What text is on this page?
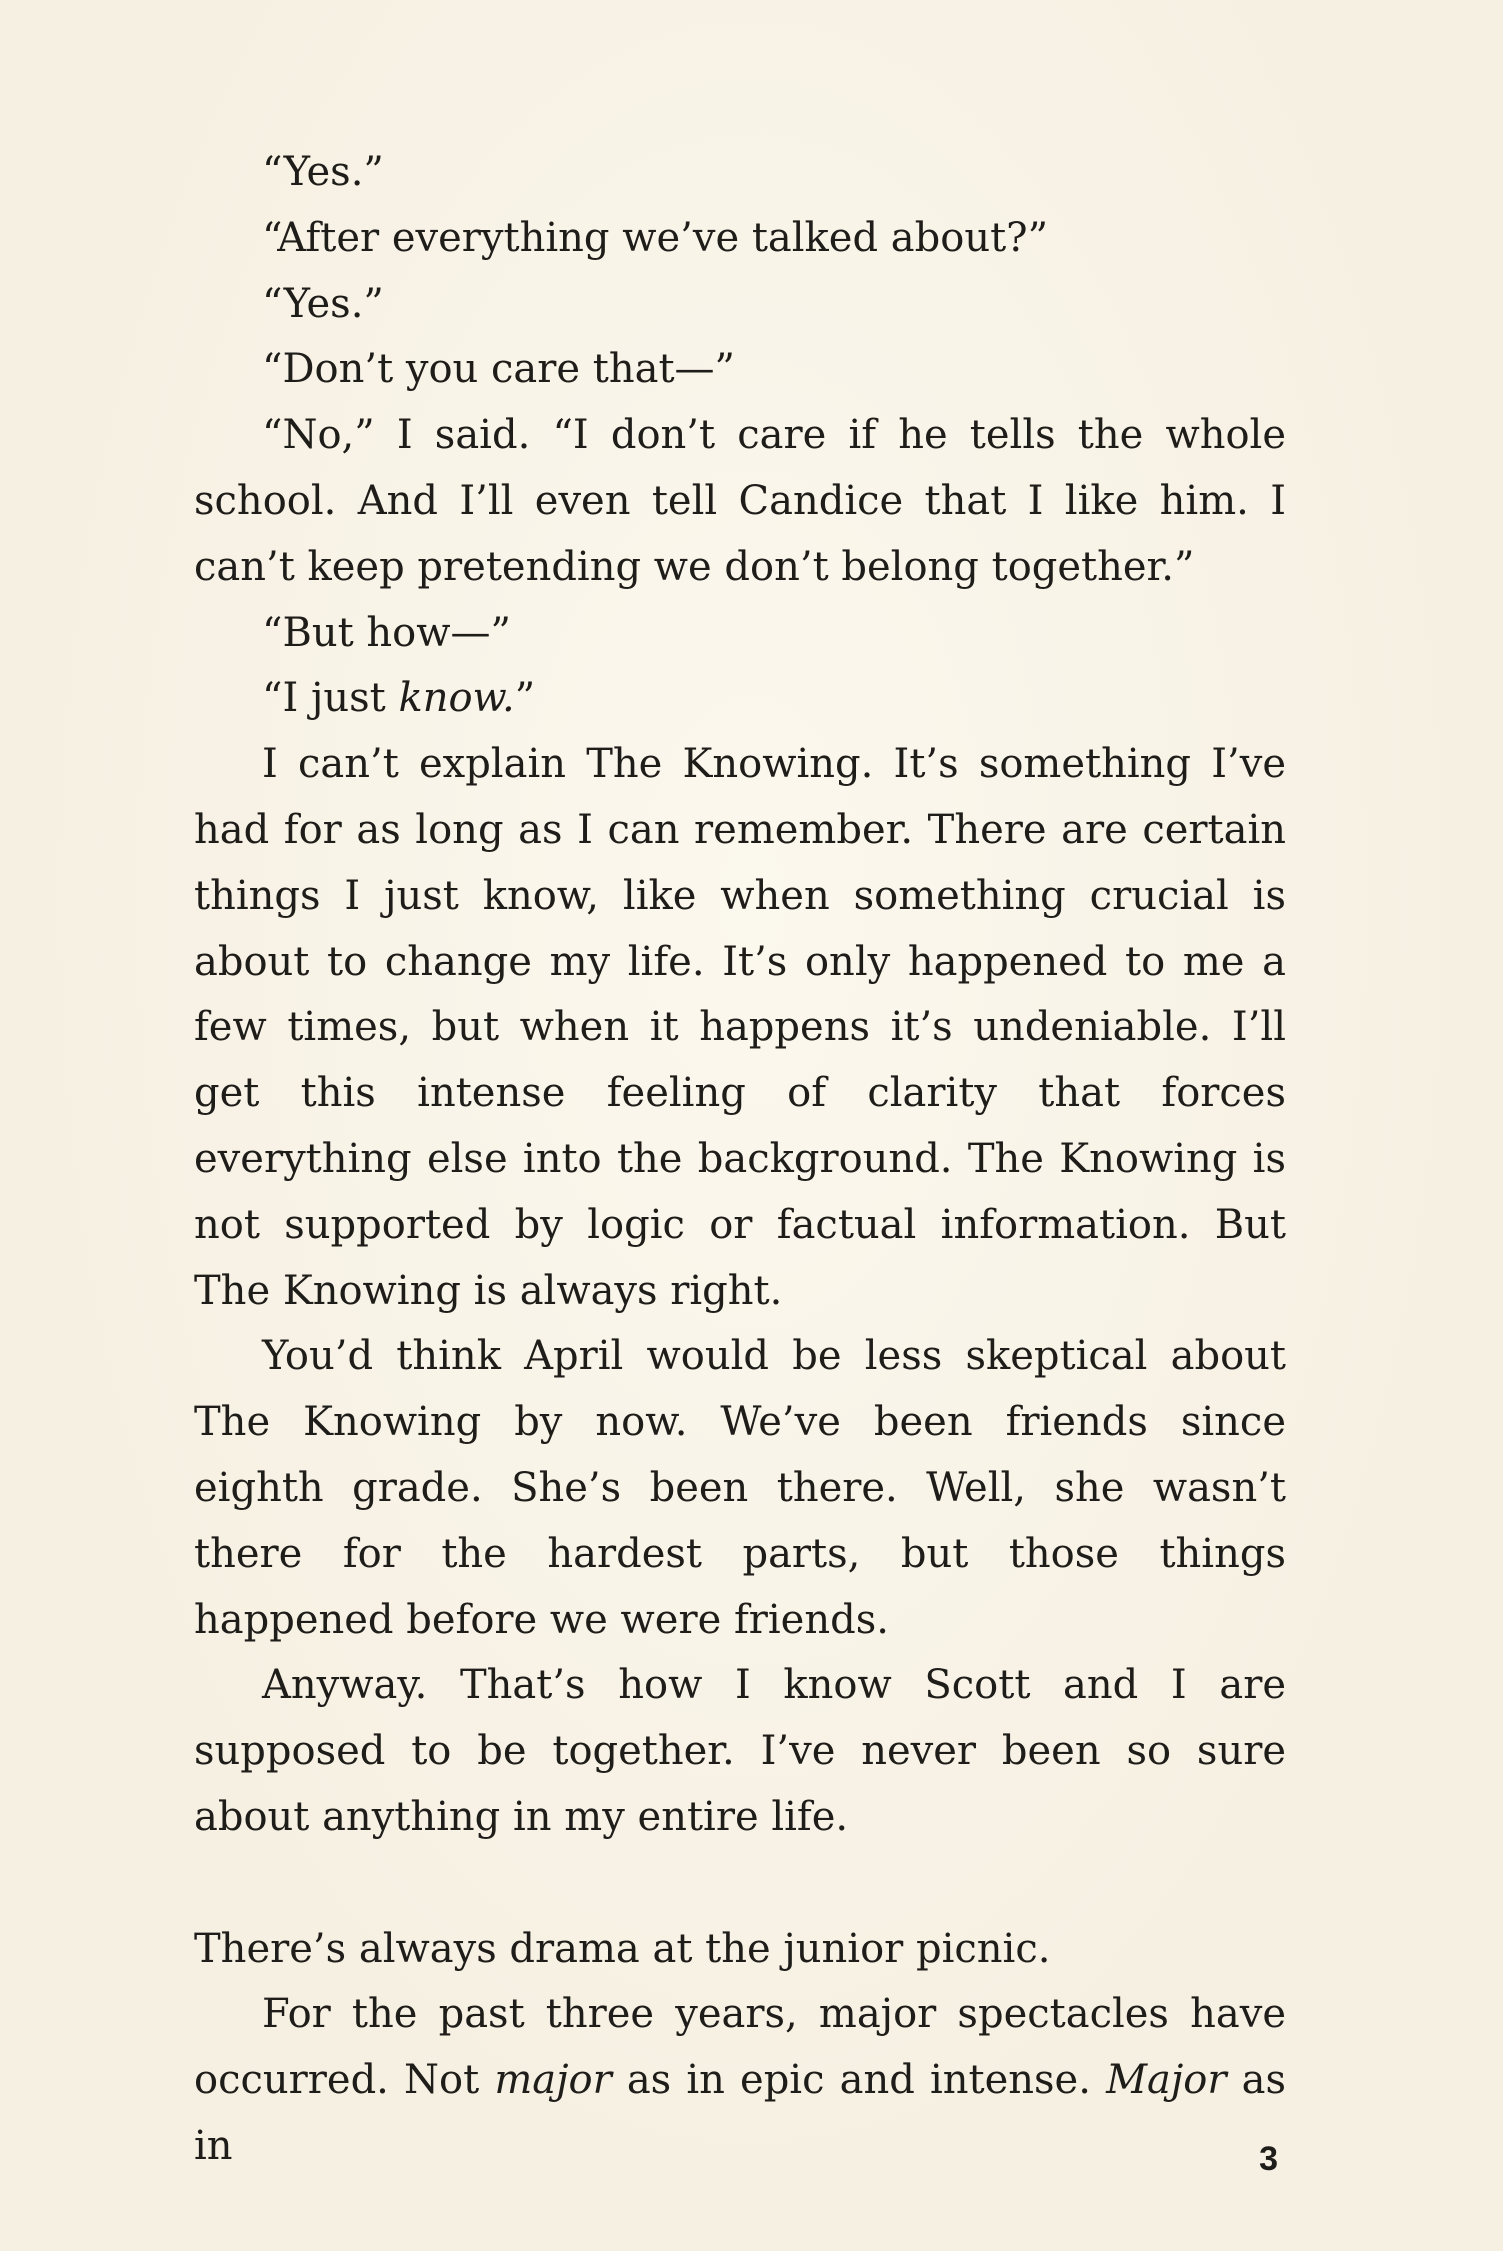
“Yes.”

“After everything we’ve talked about?”

“Yes.”

“Don’t you care that—”

“No,” I said. “I don’t care if he tells the whole school. And I’ll even tell Candice that I like him. I can’t keep pretending we don’t belong together.”

“But how—”

“I just know.”

I can’t explain The Knowing. It’s something I’ve had for as long as I can remember. There are certain things I just know, like when something crucial is about to change my life. It’s only happened to me a few times, but when it happens it’s undeniable. I’ll get this intense feeling of clarity that forces everything else into the background. The Knowing is not supported by logic or factual information. But The Knowing is always right.

You’d think April would be less skeptical about The Knowing by now. We’ve been friends since eighth grade. She’s been there. Well, she wasn’t there for the hardest parts, but those things happened before we were friends.

Anyway. That’s how I know Scott and I are supposed to be together. I’ve never been so sure about anything in my entire life.

There’s always drama at the junior picnic.

For the past three years, major spectacles have occurred. Not major as in epic and intense. Major as in	3
